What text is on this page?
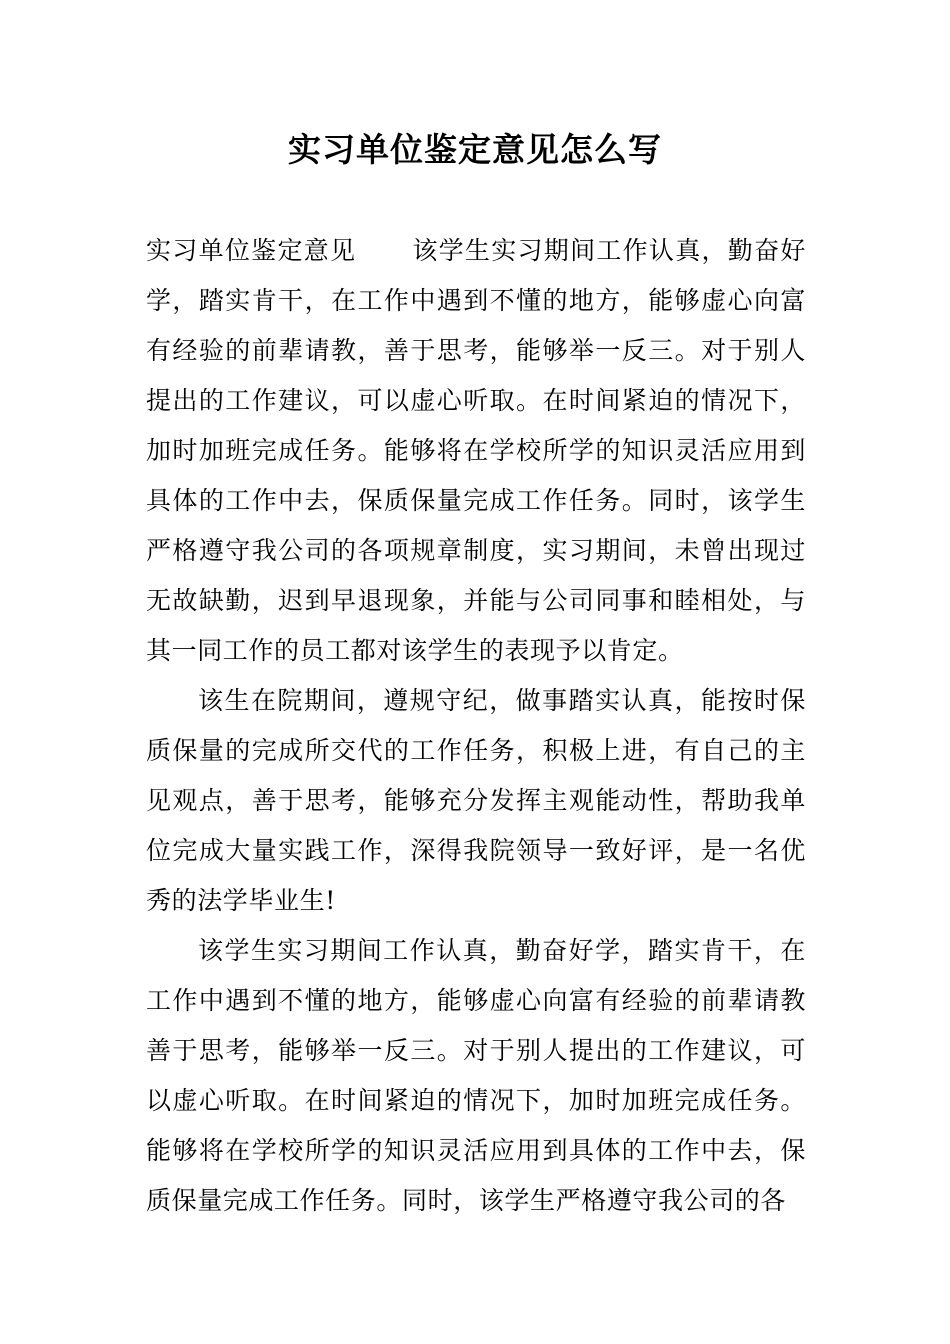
实习单位鉴定意见怎么写

实习单位鉴定意见 该学生实习期间工作认真，勤奋好学，踏实肯干，在工作中遇到不懂的地方，能够虚心向富有经验的前辈请教，善于思考，能够举一反三。对于别人提出的工作建议，可以虚心听取。在时间紧迫的情况下，加时加班完成任务。能够将在学校所学的知识灵活应用到具体的工作中去，保质保量完成工作任务。同时，该学生严格遵守我公司的各项规章制度，实习期间，未曾出现过无故缺勤，迟到早退现象，并能与公司同事和睦相处，与其一同工作的员工都对该学生的表现予以肯定。

该生在院期间，遵规守纪，做事踏实认真，能按时保质保量的完成所交代的工作任务，积极上进，有自己的主见观点，善于思考，能够充分发挥主观能动性，帮助我单位完成大量实践工作，深得我院领导一致好评，是一名优秀的法学毕业生!

该学生实习期间工作认真，勤奋好学，踏实肯干，在工作中遇到不懂的地方，能够虚心向富有经验的前辈请教善于思考，能够举一反三。对于别人提出的工作建议，可以虚心听取。在时间紧迫的情况下，加时加班完成任务。能够将在学校所学的知识灵活应用到具体的工作中去，保质保量完成工作任务。同时，该学生严格遵守我公司的各
